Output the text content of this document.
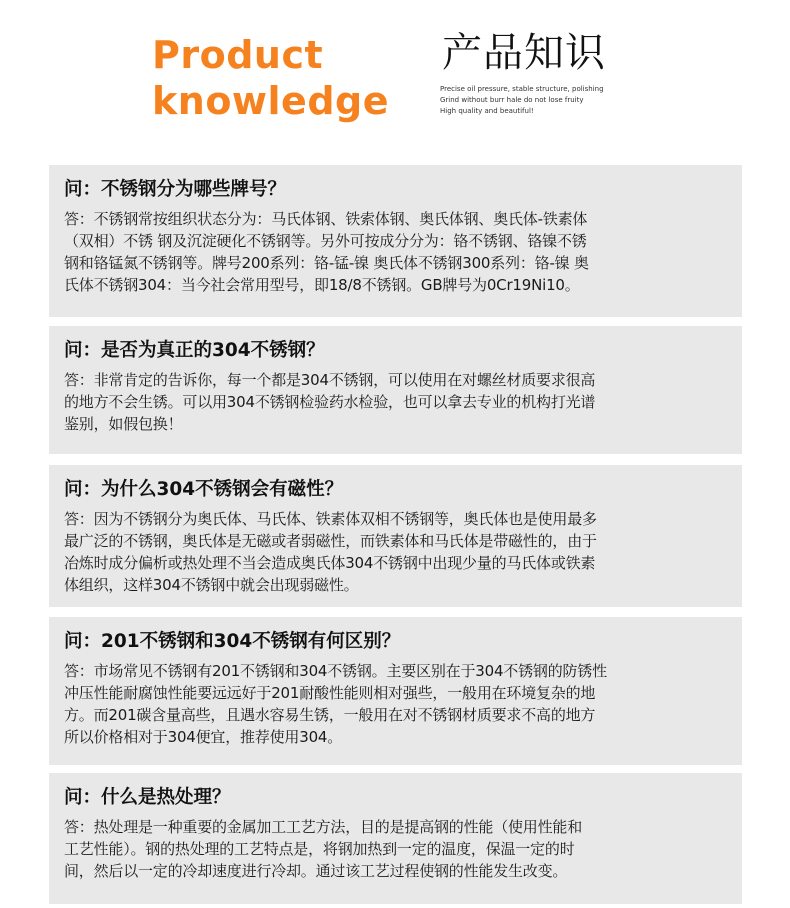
Product
knowledge
产品知识
Precise oil pressure, stable structure, polishing
Grind without burr hale do not lose fruity
High quality and beautiful!
问：不锈钢分为哪些牌号？
答：不锈钢常按组织状态分为：马氏体钢、铁索体钢、奥氏体钢、奥氏体-铁素体
（双相）不锈 钢及沉淀硬化不锈钢等。另外可按成分分为：铬不锈钢、铬镍不锈
钢和铬锰氮不锈钢等。牌号200系列：铬-锰-镍 奥氏体不锈钢300系列：铬-镍 奥
氏体不锈钢304：当今社会常用型号，即18/8不锈钢。GB牌号为0Cr19Ni10。
问：是否为真正的304不锈钢？
答：非常肯定的告诉你，每一个都是304不锈钢，可以使用在对螺丝材质要求很高
的地方不会生锈。可以用304不锈钢检验药水检验，也可以拿去专业的机构打光谱
鉴别，如假包换！
问：为什么304不锈钢会有磁性？
答：因为不锈钢分为奥氏体、马氏体、铁素体双相不锈钢等，奥氏体也是使用最多
最广泛的不锈钢，奥氏体是无磁或者弱磁性，而铁素体和马氏体是带磁性的，由于
冶炼时成分偏析或热处理不当会造成奥氏体304不锈钢中出现少量的马氏体或铁素
体组织，这样304不锈钢中就会出现弱磁性。
问：201不锈钢和304不锈钢有何区别？
答：市场常见不锈钢有201不锈钢和304不锈钢。主要区别在于304不锈钢的防锈性
冲压性能耐腐蚀性能要远远好于201耐酸性能则相对强些，一般用在环境复杂的地
方。而201碳含量高些，且遇水容易生锈，一般用在对不锈钢材质要求不高的地方
所以价格相对于304便宜，推荐使用304。
问：什么是热处理？
答：热处理是一种重要的金属加工工艺方法，目的是提高钢的性能（使用性能和
工艺性能）。钢的热处理的工艺特点是，将钢加热到一定的温度，保温一定的时
间，然后以一定的冷却速度进行冷却。通过该工艺过程使钢的性能发生改变。
